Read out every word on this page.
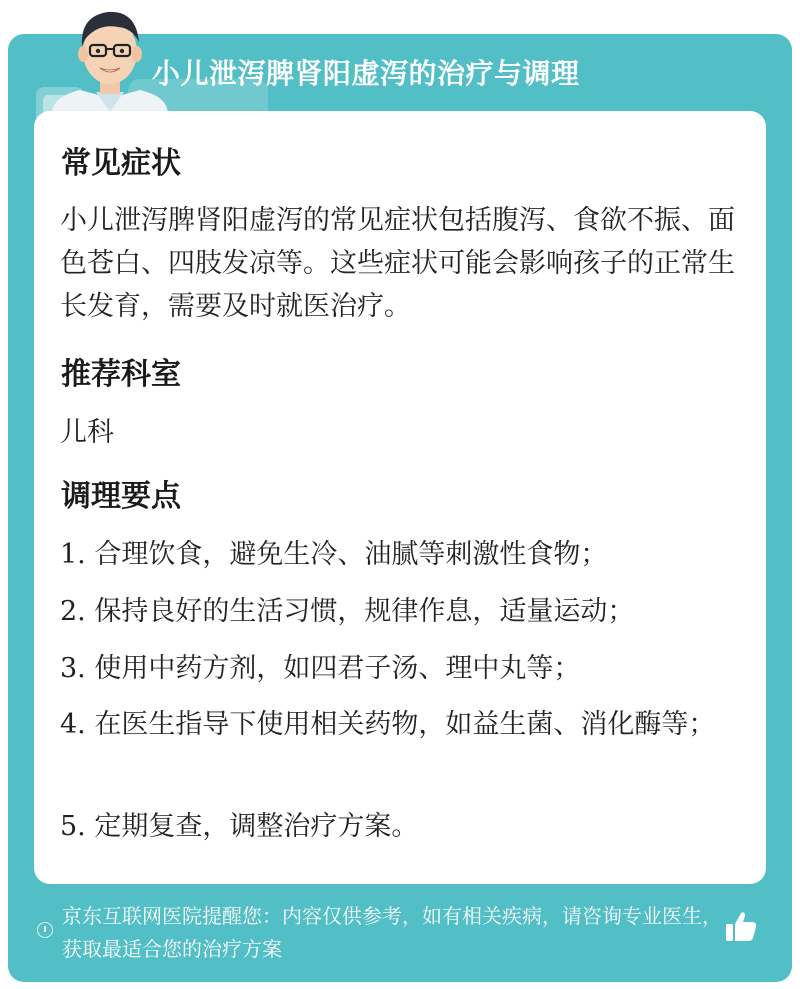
小儿泄泻脾肾阳虚泻的治疗与调理
常见症状
小儿泄泻脾肾阳虚泻的常见症状包括腹泻、食欲不振、面色苍白、四肢发凉等。这些症状可能会影响孩子的正常生长发育，需要及时就医治疗。
推荐科室
儿科
调理要点
1. 合理饮食，避免生冷、油腻等刺激性食物；
2. 保持良好的生活习惯，规律作息，适量运动；
3. 使用中药方剂，如四君子汤、理中丸等；
4. 在医生指导下使用相关药物，如益生菌、消化酶等；
5. 定期复查，调整治疗方案。
京东互联网医院提醒您：内容仅供参考，如有相关疾病，请咨询专业医生，获取最适合您的治疗方案
